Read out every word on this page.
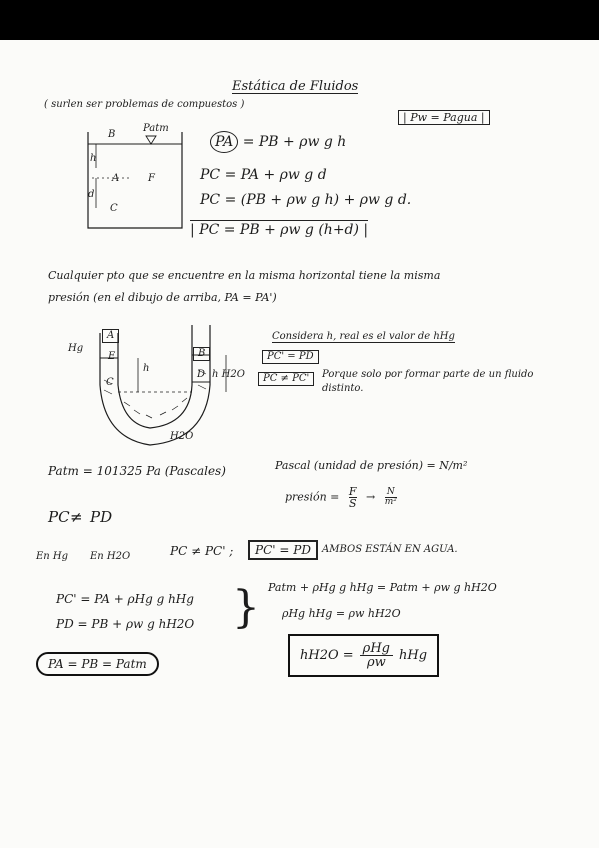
Estática de Fluidos
( surlen ser problemas de compuestos )
| Pw = Pagua |
B
Patm
h
A
d
F
C
PA = PB + ρw g h
PC = PA + ρw g d
PC = (PB + ρw g h) + ρw g d.
| PC = PB + ρw g (h+d) |
Cualquier pto que se encuentre en la misma horizontal tiene la misma
presión (en el dibujo de arriba, PA = PA')
Hg
A
E
C
h
B
D h H2O
H2O
Considera h, real es el valor de hHg
PC' = PD
PC ≠ PC'	Porque solo por formar parte de un fluido distinto.
Patm = 101325 Pa (Pascales)	Pascal (unidad de presión) = N/m²
presión = $\frac{F}{S} \to \frac{N}{\text{m²}}$
PC ≠ PD
En Hg En H2O	PC ≠ PC' ;	PC' = PD	AMBOS ESTÁN EN AGUA.
PC' = PA + ρHg g hHg
PD = PB + ρw g hH2O }
PA = PB = Patm
Patm + ρHg g hHg = Patm + ρw g hH2O
ρHg hHg = ρw hH2O
hH2O = ρHg
ρw	hHg
